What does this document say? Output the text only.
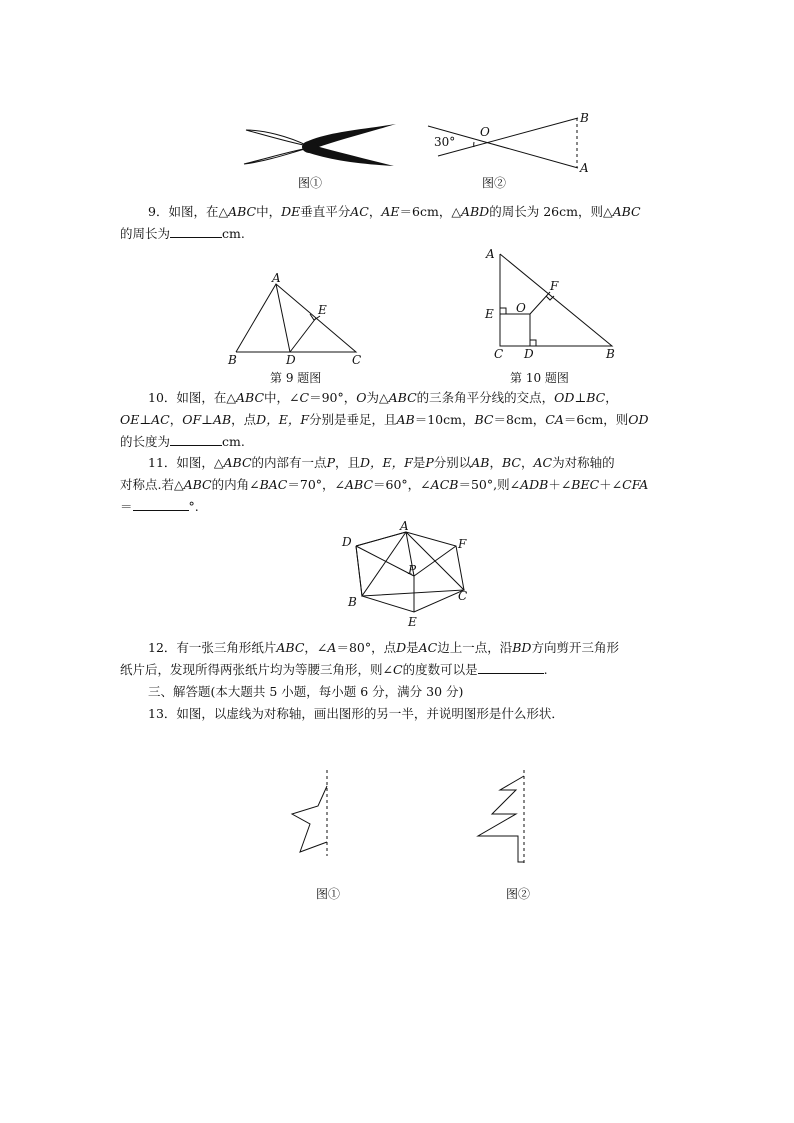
图①
30°
O
B
A
图②
9．如图，在△ABC中，DE垂直平分AC，AE＝6cm，△ABD的周长为 26cm，则△ABC
的周长为	cm.
A
B	C
D
E
第 9 题图
A
B
C D
E
F
O
第 10 题图
10．如图，在△ABC中，∠C＝90°，O为△ABC的三条角平分线的交点，OD⊥BC，
OE⊥AC，OF⊥AB，点D，E，F分别是垂足，且AB＝10cm，BC＝8cm，CA＝6cm，则OD
的长度为	cm.
11．如图，△ABC的内部有一点P，且D，E，F是P分别以AB，BC，AC为对称轴的
对称点.若△ABC的内角∠BAC＝70°，∠ABC＝60°，∠ACB＝50°,则∠ADB＋∠BEC＋∠CFA
＝	°.
A
B	C
D
E
F
P
12．有一张三角形纸片ABC，∠A＝80°，点D是AC边上一点，沿BD方向剪开三角形
纸片后，发现所得两张纸片均为等腰三角形，则∠C的度数可以是	.
三、解答题(本大题共 5 小题，每小题 6 分，满分 30 分)
13．如图，以虚线为对称轴，画出图形的另一半，并说明图形是什么形状．
图①	图②
